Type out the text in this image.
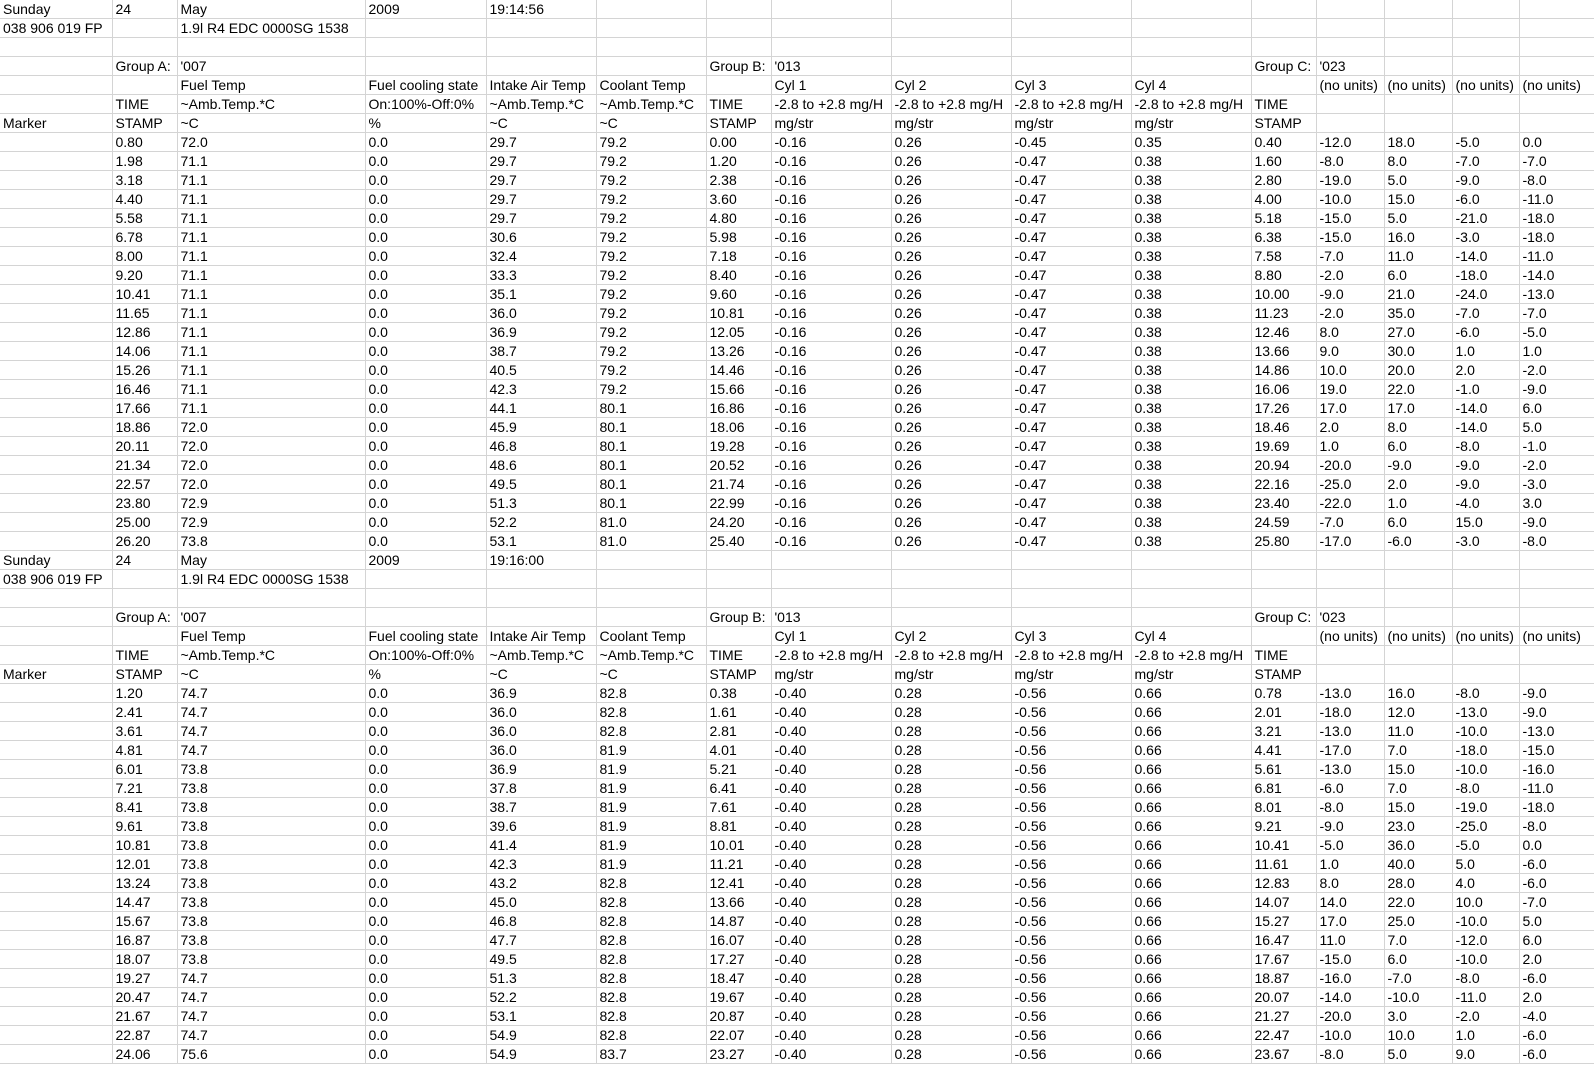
Sunday	24	May	2009	19:14:56											
038 906 019 FP		1.9l R4 EDC 0000SG 1538													

	Group A:	'007				Group B:	'013				Group C:	'023			
		Fuel Temp	Fuel cooling state	Intake Air Temp	Coolant Temp		Cyl 1	Cyl 2	Cyl 3	Cyl 4		(no units)	(no units)	(no units)	(no units)
	TIME	~Amb.Temp.*C	On:100%-Off:0%	~Amb.Temp.*C	~Amb.Temp.*C	TIME	-2.8 to +2.8 mg/H	-2.8 to +2.8 mg/H	-2.8 to +2.8 mg/H	-2.8 to +2.8 mg/H	TIME				
Marker	STAMP	~C	%	~C	~C	STAMP	mg/str	mg/str	mg/str	mg/str	STAMP				
	0.80	72.0	0.0	29.7	79.2	0.00	-0.16	0.26	-0.45	0.35	0.40	-12.0	18.0	-5.0	0.0
	1.98	71.1	0.0	29.7	79.2	1.20	-0.16	0.26	-0.47	0.38	1.60	-8.0	8.0	-7.0	-7.0
	3.18	71.1	0.0	29.7	79.2	2.38	-0.16	0.26	-0.47	0.38	2.80	-19.0	5.0	-9.0	-8.0
	4.40	71.1	0.0	29.7	79.2	3.60	-0.16	0.26	-0.47	0.38	4.00	-10.0	15.0	-6.0	-11.0
	5.58	71.1	0.0	29.7	79.2	4.80	-0.16	0.26	-0.47	0.38	5.18	-15.0	5.0	-21.0	-18.0
	6.78	71.1	0.0	30.6	79.2	5.98	-0.16	0.26	-0.47	0.38	6.38	-15.0	16.0	-3.0	-18.0
	8.00	71.1	0.0	32.4	79.2	7.18	-0.16	0.26	-0.47	0.38	7.58	-7.0	11.0	-14.0	-11.0
	9.20	71.1	0.0	33.3	79.2	8.40	-0.16	0.26	-0.47	0.38	8.80	-2.0	6.0	-18.0	-14.0
	10.41	71.1	0.0	35.1	79.2	9.60	-0.16	0.26	-0.47	0.38	10.00	-9.0	21.0	-24.0	-13.0
	11.65	71.1	0.0	36.0	79.2	10.81	-0.16	0.26	-0.47	0.38	11.23	-2.0	35.0	-7.0	-7.0
	12.86	71.1	0.0	36.9	79.2	12.05	-0.16	0.26	-0.47	0.38	12.46	8.0	27.0	-6.0	-5.0
	14.06	71.1	0.0	38.7	79.2	13.26	-0.16	0.26	-0.47	0.38	13.66	9.0	30.0	1.0	1.0
	15.26	71.1	0.0	40.5	79.2	14.46	-0.16	0.26	-0.47	0.38	14.86	10.0	20.0	2.0	-2.0
	16.46	71.1	0.0	42.3	79.2	15.66	-0.16	0.26	-0.47	0.38	16.06	19.0	22.0	-1.0	-9.0
	17.66	71.1	0.0	44.1	80.1	16.86	-0.16	0.26	-0.47	0.38	17.26	17.0	17.0	-14.0	6.0
	18.86	72.0	0.0	45.9	80.1	18.06	-0.16	0.26	-0.47	0.38	18.46	2.0	8.0	-14.0	5.0
	20.11	72.0	0.0	46.8	80.1	19.28	-0.16	0.26	-0.47	0.38	19.69	1.0	6.0	-8.0	-1.0
	21.34	72.0	0.0	48.6	80.1	20.52	-0.16	0.26	-0.47	0.38	20.94	-20.0	-9.0	-9.0	-2.0
	22.57	72.0	0.0	49.5	80.1	21.74	-0.16	0.26	-0.47	0.38	22.16	-25.0	2.0	-9.0	-3.0
	23.80	72.9	0.0	51.3	80.1	22.99	-0.16	0.26	-0.47	0.38	23.40	-22.0	1.0	-4.0	3.0
	25.00	72.9	0.0	52.2	81.0	24.20	-0.16	0.26	-0.47	0.38	24.59	-7.0	6.0	15.0	-9.0
	26.20	73.8	0.0	53.1	81.0	25.40	-0.16	0.26	-0.47	0.38	25.80	-17.0	-6.0	-3.0	-8.0
Sunday	24	May	2009	19:16:00											
038 906 019 FP		1.9l R4 EDC 0000SG 1538													

	Group A:	'007				Group B:	'013				Group C:	'023			
		Fuel Temp	Fuel cooling state	Intake Air Temp	Coolant Temp		Cyl 1	Cyl 2	Cyl 3	Cyl 4		(no units)	(no units)	(no units)	(no units)
	TIME	~Amb.Temp.*C	On:100%-Off:0%	~Amb.Temp.*C	~Amb.Temp.*C	TIME	-2.8 to +2.8 mg/H	-2.8 to +2.8 mg/H	-2.8 to +2.8 mg/H	-2.8 to +2.8 mg/H	TIME				
Marker	STAMP	~C	%	~C	~C	STAMP	mg/str	mg/str	mg/str	mg/str	STAMP				
	1.20	74.7	0.0	36.9	82.8	0.38	-0.40	0.28	-0.56	0.66	0.78	-13.0	16.0	-8.0	-9.0
	2.41	74.7	0.0	36.0	82.8	1.61	-0.40	0.28	-0.56	0.66	2.01	-18.0	12.0	-13.0	-9.0
	3.61	74.7	0.0	36.0	82.8	2.81	-0.40	0.28	-0.56	0.66	3.21	-13.0	11.0	-10.0	-13.0
	4.81	74.7	0.0	36.0	81.9	4.01	-0.40	0.28	-0.56	0.66	4.41	-17.0	7.0	-18.0	-15.0
	6.01	73.8	0.0	36.9	81.9	5.21	-0.40	0.28	-0.56	0.66	5.61	-13.0	15.0	-10.0	-16.0
	7.21	73.8	0.0	37.8	81.9	6.41	-0.40	0.28	-0.56	0.66	6.81	-6.0	7.0	-8.0	-11.0
	8.41	73.8	0.0	38.7	81.9	7.61	-0.40	0.28	-0.56	0.66	8.01	-8.0	15.0	-19.0	-18.0
	9.61	73.8	0.0	39.6	81.9	8.81	-0.40	0.28	-0.56	0.66	9.21	-9.0	23.0	-25.0	-8.0
	10.81	73.8	0.0	41.4	81.9	10.01	-0.40	0.28	-0.56	0.66	10.41	-5.0	36.0	-5.0	0.0
	12.01	73.8	0.0	42.3	81.9	11.21	-0.40	0.28	-0.56	0.66	11.61	1.0	40.0	5.0	-6.0
	13.24	73.8	0.0	43.2	82.8	12.41	-0.40	0.28	-0.56	0.66	12.83	8.0	28.0	4.0	-6.0
	14.47	73.8	0.0	45.0	82.8	13.66	-0.40	0.28	-0.56	0.66	14.07	14.0	22.0	10.0	-7.0
	15.67	73.8	0.0	46.8	82.8	14.87	-0.40	0.28	-0.56	0.66	15.27	17.0	25.0	-10.0	5.0
	16.87	73.8	0.0	47.7	82.8	16.07	-0.40	0.28	-0.56	0.66	16.47	11.0	7.0	-12.0	6.0
	18.07	73.8	0.0	49.5	82.8	17.27	-0.40	0.28	-0.56	0.66	17.67	-15.0	6.0	-10.0	2.0
	19.27	74.7	0.0	51.3	82.8	18.47	-0.40	0.28	-0.56	0.66	18.87	-16.0	-7.0	-8.0	-6.0
	20.47	74.7	0.0	52.2	82.8	19.67	-0.40	0.28	-0.56	0.66	20.07	-14.0	-10.0	-11.0	2.0
	21.67	74.7	0.0	53.1	82.8	20.87	-0.40	0.28	-0.56	0.66	21.27	-20.0	3.0	-2.0	-4.0
	22.87	74.7	0.0	54.9	82.8	22.07	-0.40	0.28	-0.56	0.66	22.47	-10.0	10.0	1.0	-6.0
	24.06	75.6	0.0	54.9	83.7	23.27	-0.40	0.28	-0.56	0.66	23.67	-8.0	5.0	9.0	-6.0
